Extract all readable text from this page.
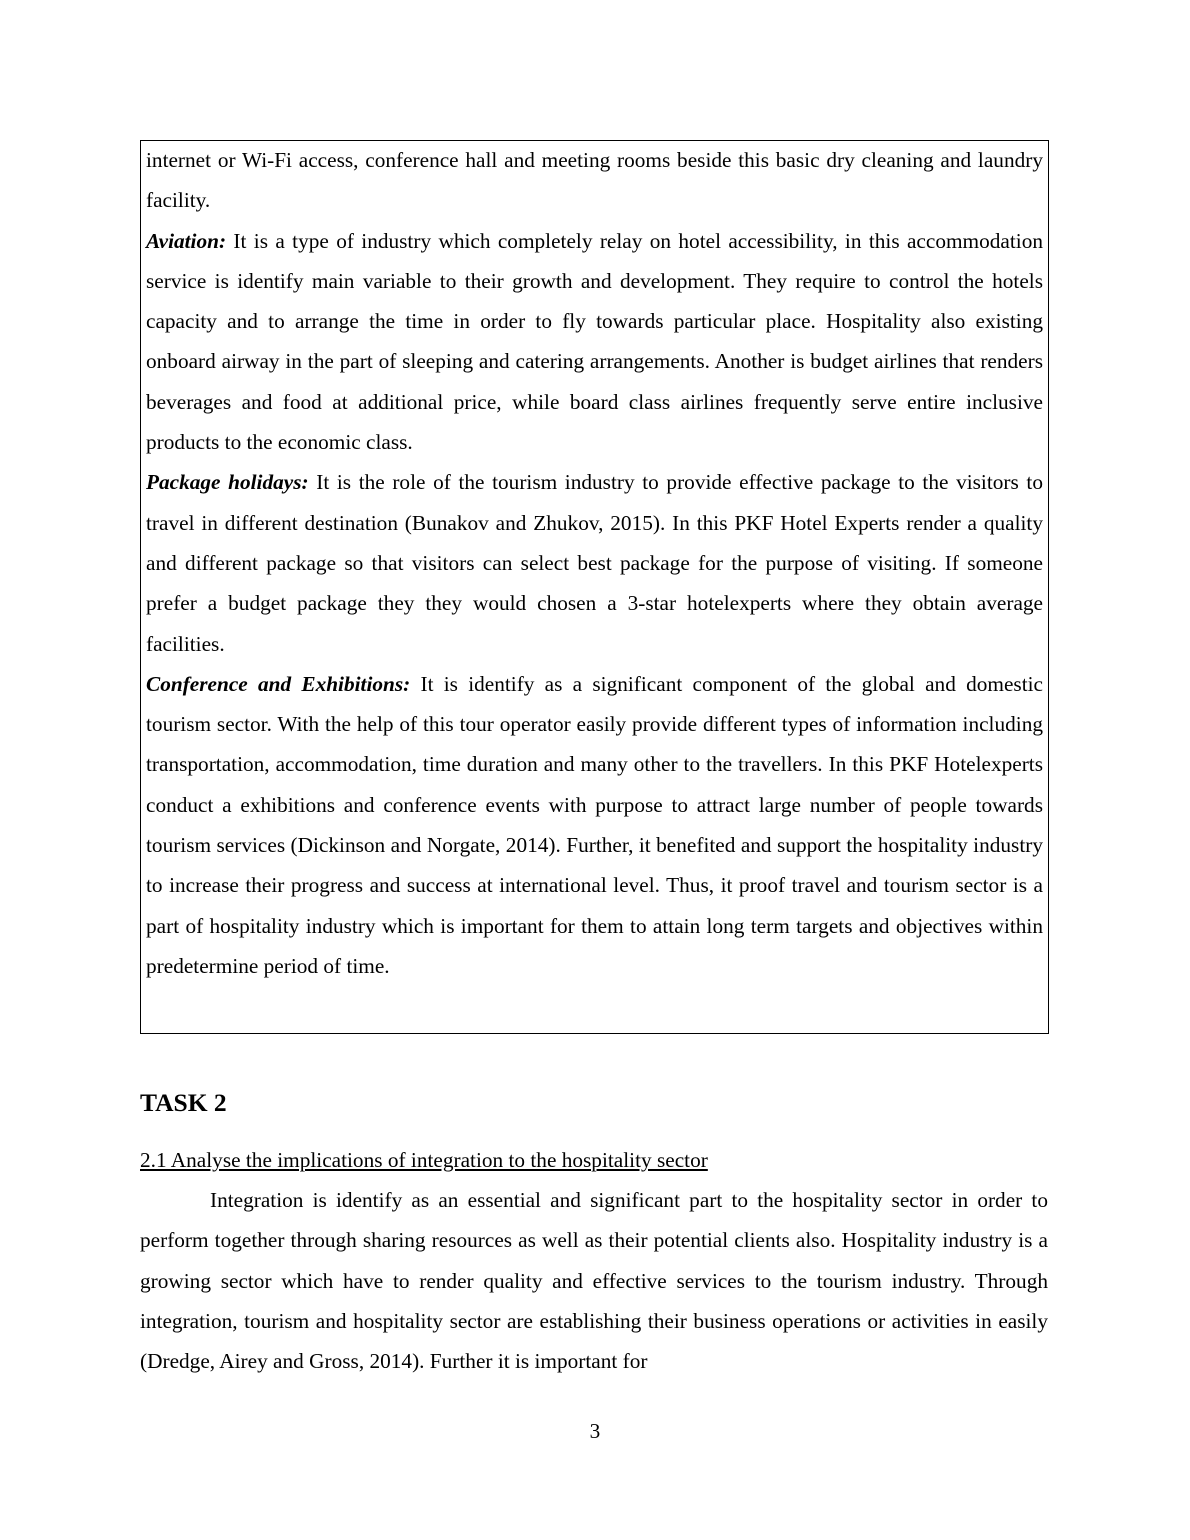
internet or Wi-Fi access, conference hall and meeting rooms beside this basic dry cleaning and laundry facility.

Aviation: It is a type of industry which completely relay on hotel accessibility, in this accommodation service is identify main variable to their growth and development. They require to control the hotels capacity and to arrange the time in order to fly towards particular place. Hospitality also existing onboard airway in the part of sleeping and catering arrangements. Another is budget airlines that renders beverages and food at additional price, while board class airlines frequently serve entire inclusive products to the economic class.

Package holidays: It is the role of the tourism industry to provide effective package to the visitors to travel in different destination (Bunakov and Zhukov, 2015). In this PKF Hotel Experts render a quality and different package so that visitors can select best package for the purpose of visiting. If someone prefer a budget package they they would chosen a 3-star hotelexperts where they obtain average facilities.

Conference and Exhibitions: It is identify as a significant component of the global and domestic tourism sector. With the help of this tour operator easily provide different types of information including transportation, accommodation, time duration and many other to the travellers. In this PKF Hotelexperts conduct a exhibitions and conference events with purpose to attract large number of people towards tourism services (Dickinson and Norgate, 2014). Further, it benefited and support the hospitality industry to increase their progress and success at international level. Thus, it proof travel and tourism sector is a part of hospitality industry which is important for them to attain long term targets and objectives within predetermine period of time.

TASK 2

2.1 Analyse the implications of integration to the hospitality sector

Integration is identify as an essential and significant part to the hospitality sector in order to perform together through sharing resources as well as their potential clients also. Hospitality industry is a growing sector which have to render quality and effective services to the tourism industry. Through integration, tourism and hospitality sector are establishing their business operations or activities in easily (Dredge, Airey and Gross, 2014). Further it is important for

3
